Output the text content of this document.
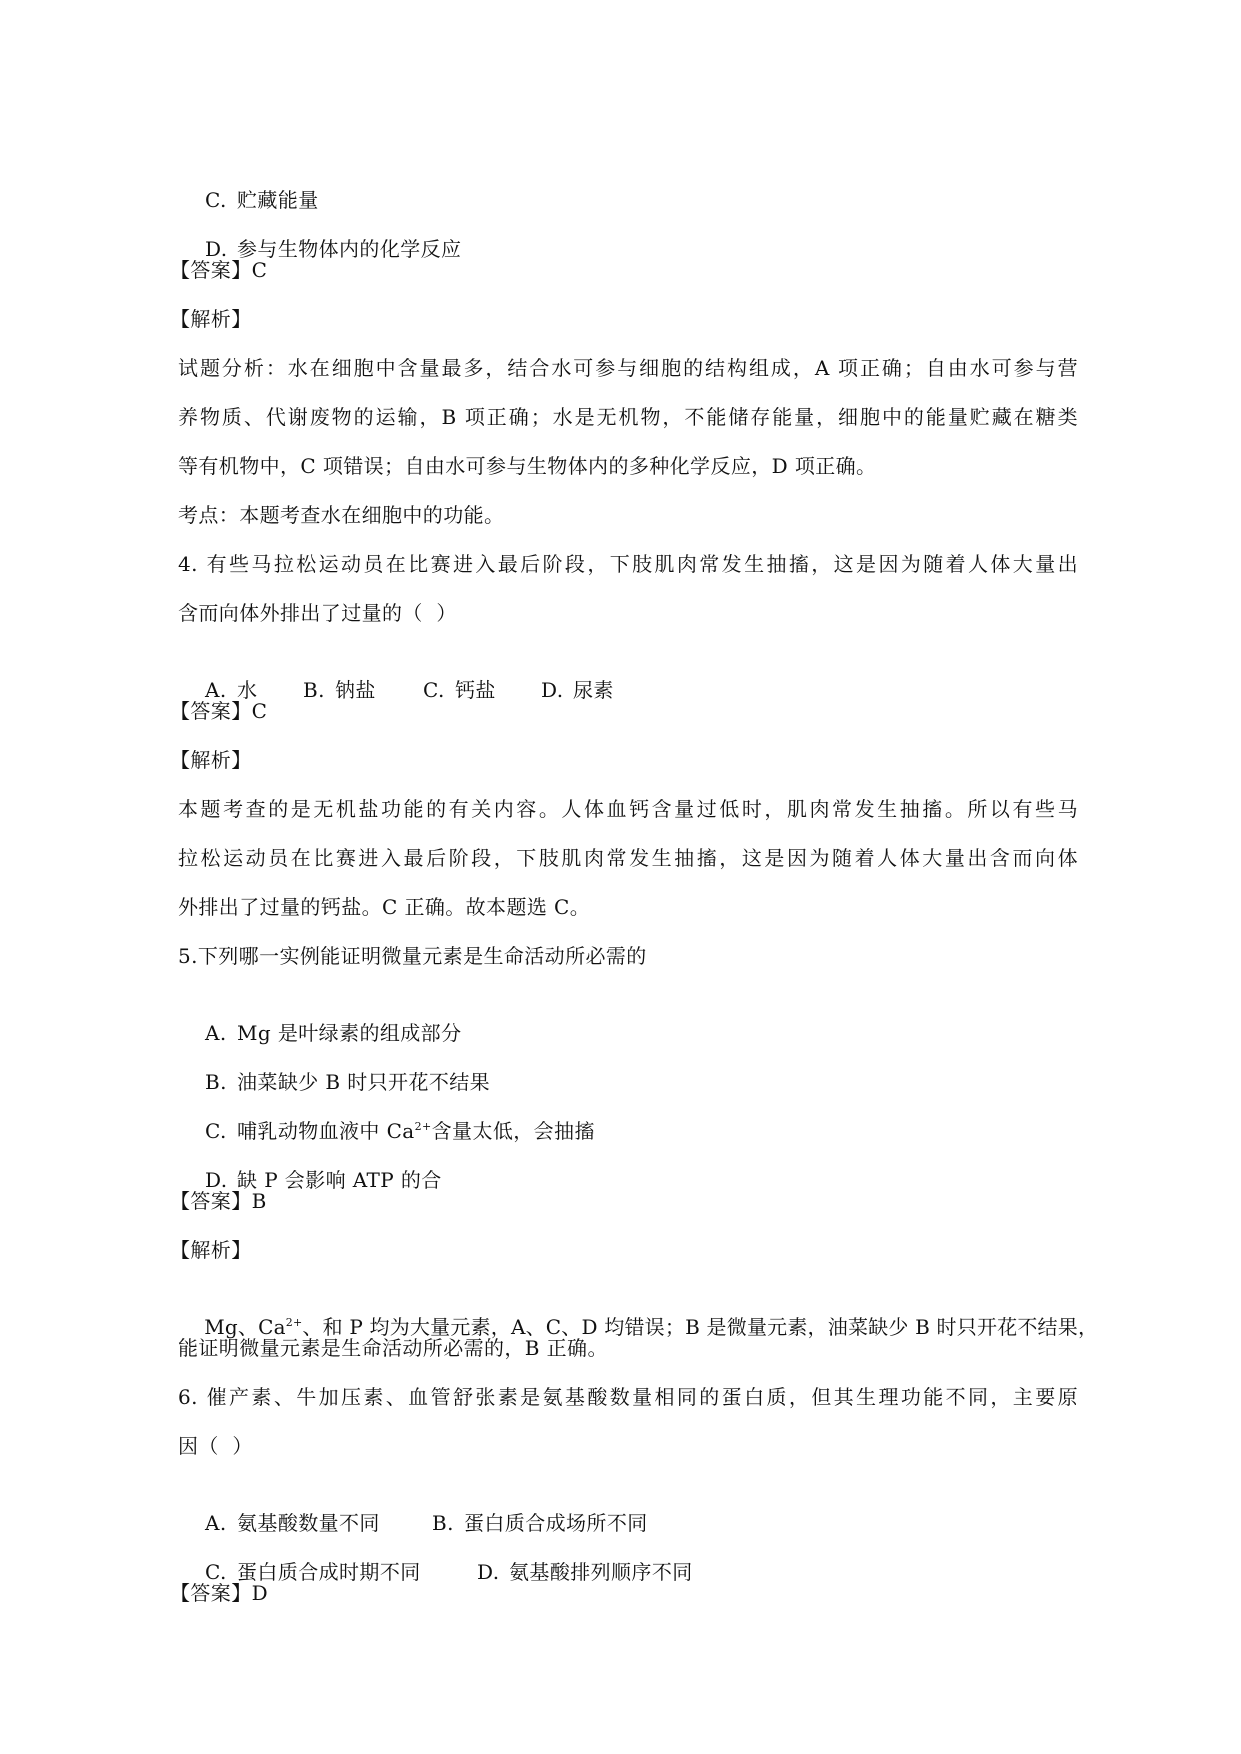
C. 贮藏能量

D. 参与生物体内的化学反应

【答案】C
【解析】
试题分析：水在细胞中含量最多，结合水可参与细胞的结构组成，A 项正确；自由水可参与营
养物质、代谢废物的运输，B 项正确；水是无机物，不能储存能量，细胞中的能量贮藏在糖类
等有机物中，C 项错误；自由水可参与生物体内的多种化学反应，D 项正确。
考点：本题考查水在细胞中的功能。
4. 有些马拉松运动员在比赛进入最后阶段，下肢肌肉常发生抽搐，这是因为随着人体大量出
含而向体外排出了过量的（  ）

A. 水 B. 钠盐 C. 钙盐 D. 尿素

【答案】C
【解析】
本题考查的是无机盐功能的有关内容。人体血钙含量过低时，肌肉常发生抽搐。所以有些马
拉松运动员在比赛进入最后阶段，下肢肌肉常发生抽搐，这是因为随着人体大量出含而向体
外排出了过量的钙盐。C 正确。故本题选 C。
5.下列哪一实例能证明微量元素是生命活动所必需的

A. Mg 是叶绿素的组成部分

B. 油菜缺少 B 时只开花不结果

C. 哺乳动物血液中 $Ca^{2+}$含量太低，会抽搐

D. 缺 P 会影响 ATP 的合

【答案】B
【解析】

Mg、$Ca^{2+}$、和 P 均为大量元素，A、C、D 均错误；B 是微量元素，油菜缺少 B 时只开花不结果，

能证明微量元素是生命活动所必需的，B 正确。
6. 催产素、牛加压素、血管舒张素是氨基酸数量相同的蛋白质，但其生理功能不同，主要原
因（  ）

A. 氨基酸数量不同	B. 蛋白质合成场所不同

C. 蛋白质合成时期不同	D. 氨基酸排列顺序不同

【答案】D
